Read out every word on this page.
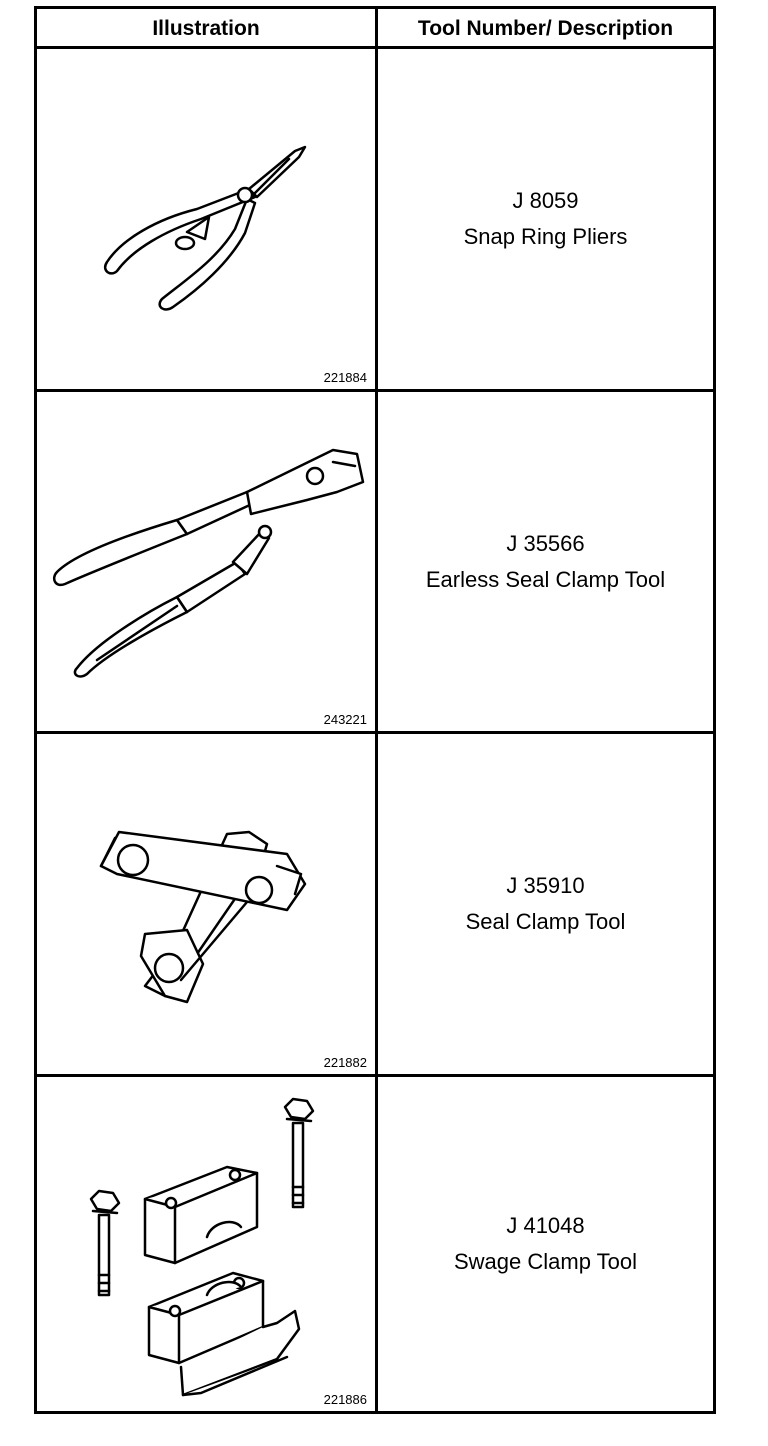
Illustration	Tool Number/ Description
221884
J 8059
Snap Ring Pliers
243221
J 35566
Earless Seal Clamp Tool
221882
J 35910
Seal Clamp Tool
221886
J 41048
Swage Clamp Tool
